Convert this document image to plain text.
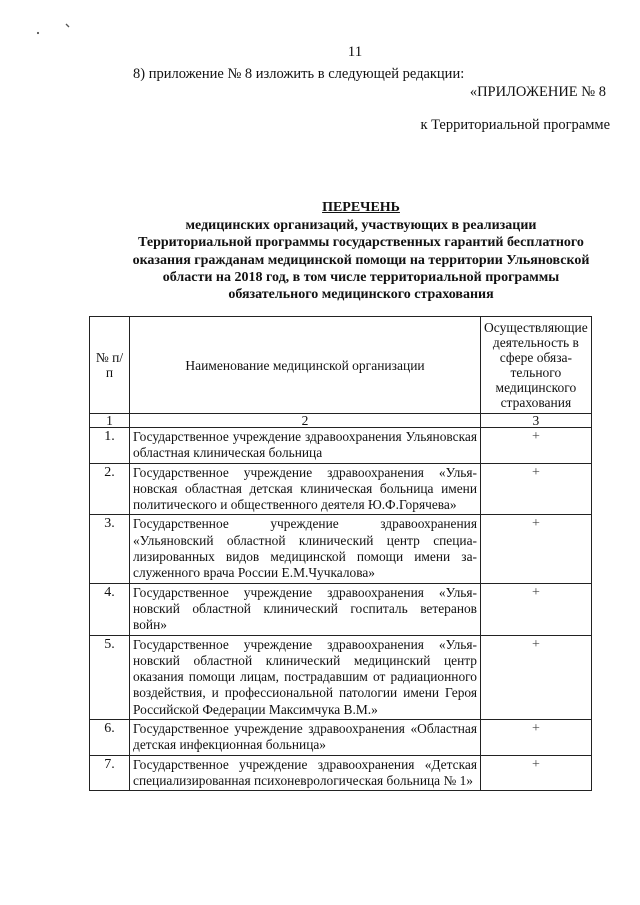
11
8) приложение № 8 изложить в следующей редакции:
«ПРИЛОЖЕНИЕ № 8
к Территориальной программе
ПЕРЕЧЕНЬ
медицинских организаций, участвующих в реализации
Территориальной программы государственных гарантий бесплатного
оказания гражданам медицинской помощи на территории Ульяновской
области на 2018 год, в том числе территориальной программы
обязательного медицинского страхования
№ п/п	Наименование медицинской организации	Осуществляющие деятельность в сфере обяза-тельного медицинского страхования
1	2	3
1.	Государственное учреждение здравоохранения Ульяновская областная клиническая больница	+
2.	Государственное учреждение здравоохранения «Ульяновская областная детская клиническая больница имени политического и общественного деятеля Ю.Ф.Горячева»	+
3.	Государственное учреждение здравоохранения «Ульяновский областной клинический центр специализированных видов медицинской помощи имени заслуженного врача России Е.М.Чучкалова»	+
4.	Государственное учреждение здравоохранения «Ульяновский областной клинический госпиталь ветеранов войн»	+
5.	Государственное учреждение здравоохранения «Ульяновский областной клинический медицинский центр оказания помощи лицам, пострадавшим от радиационного воздействия, и профессиональной патологии имени Героя Российской Федерации Максимчука В.М.»	+
6.	Государственное учреждение здравоохранения «Областная детская инфекционная больница»	+
7.	Государственное учреждение здравоохранения «Детская специализированная психоневрологическая больница № 1»	+
